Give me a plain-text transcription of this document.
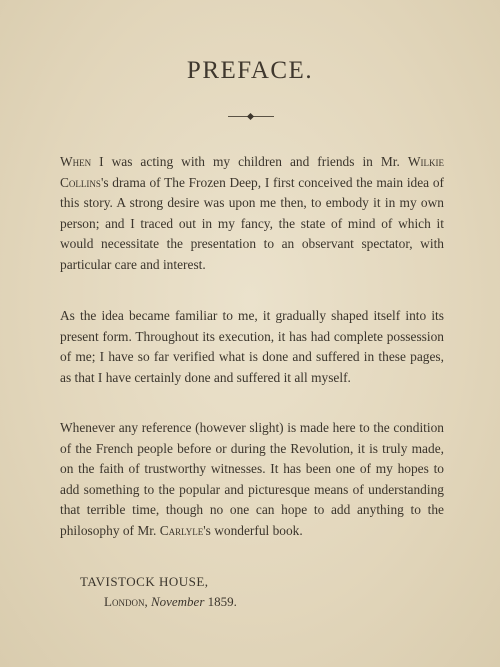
PREFACE.

When I was acting with my children and friends in Mr. Wilkie Collins's drama of The Frozen Deep, I first conceived the main idea of this story. A strong desire was upon me then, to embody it in my own person; and I traced out in my fancy, the state of mind of which it would necessitate the presentation to an observant spectator, with particular care and interest.

As the idea became familiar to me, it gradually shaped itself into its present form. Throughout its execution, it has had complete possession of me; I have so far verified what is done and suffered in these pages, as that I have certainly done and suffered it all myself.

Whenever any reference (however slight) is made here to the condition of the French people before or during the Revolution, it is truly made, on the faith of trustworthy witnesses. It has been one of my hopes to add something to the popular and picturesque means of understanding that terrible time, though no one can hope to add anything to the philosophy of Mr. Carlyle's wonderful book.

TAVISTOCK HOUSE,

London, November 1859.
